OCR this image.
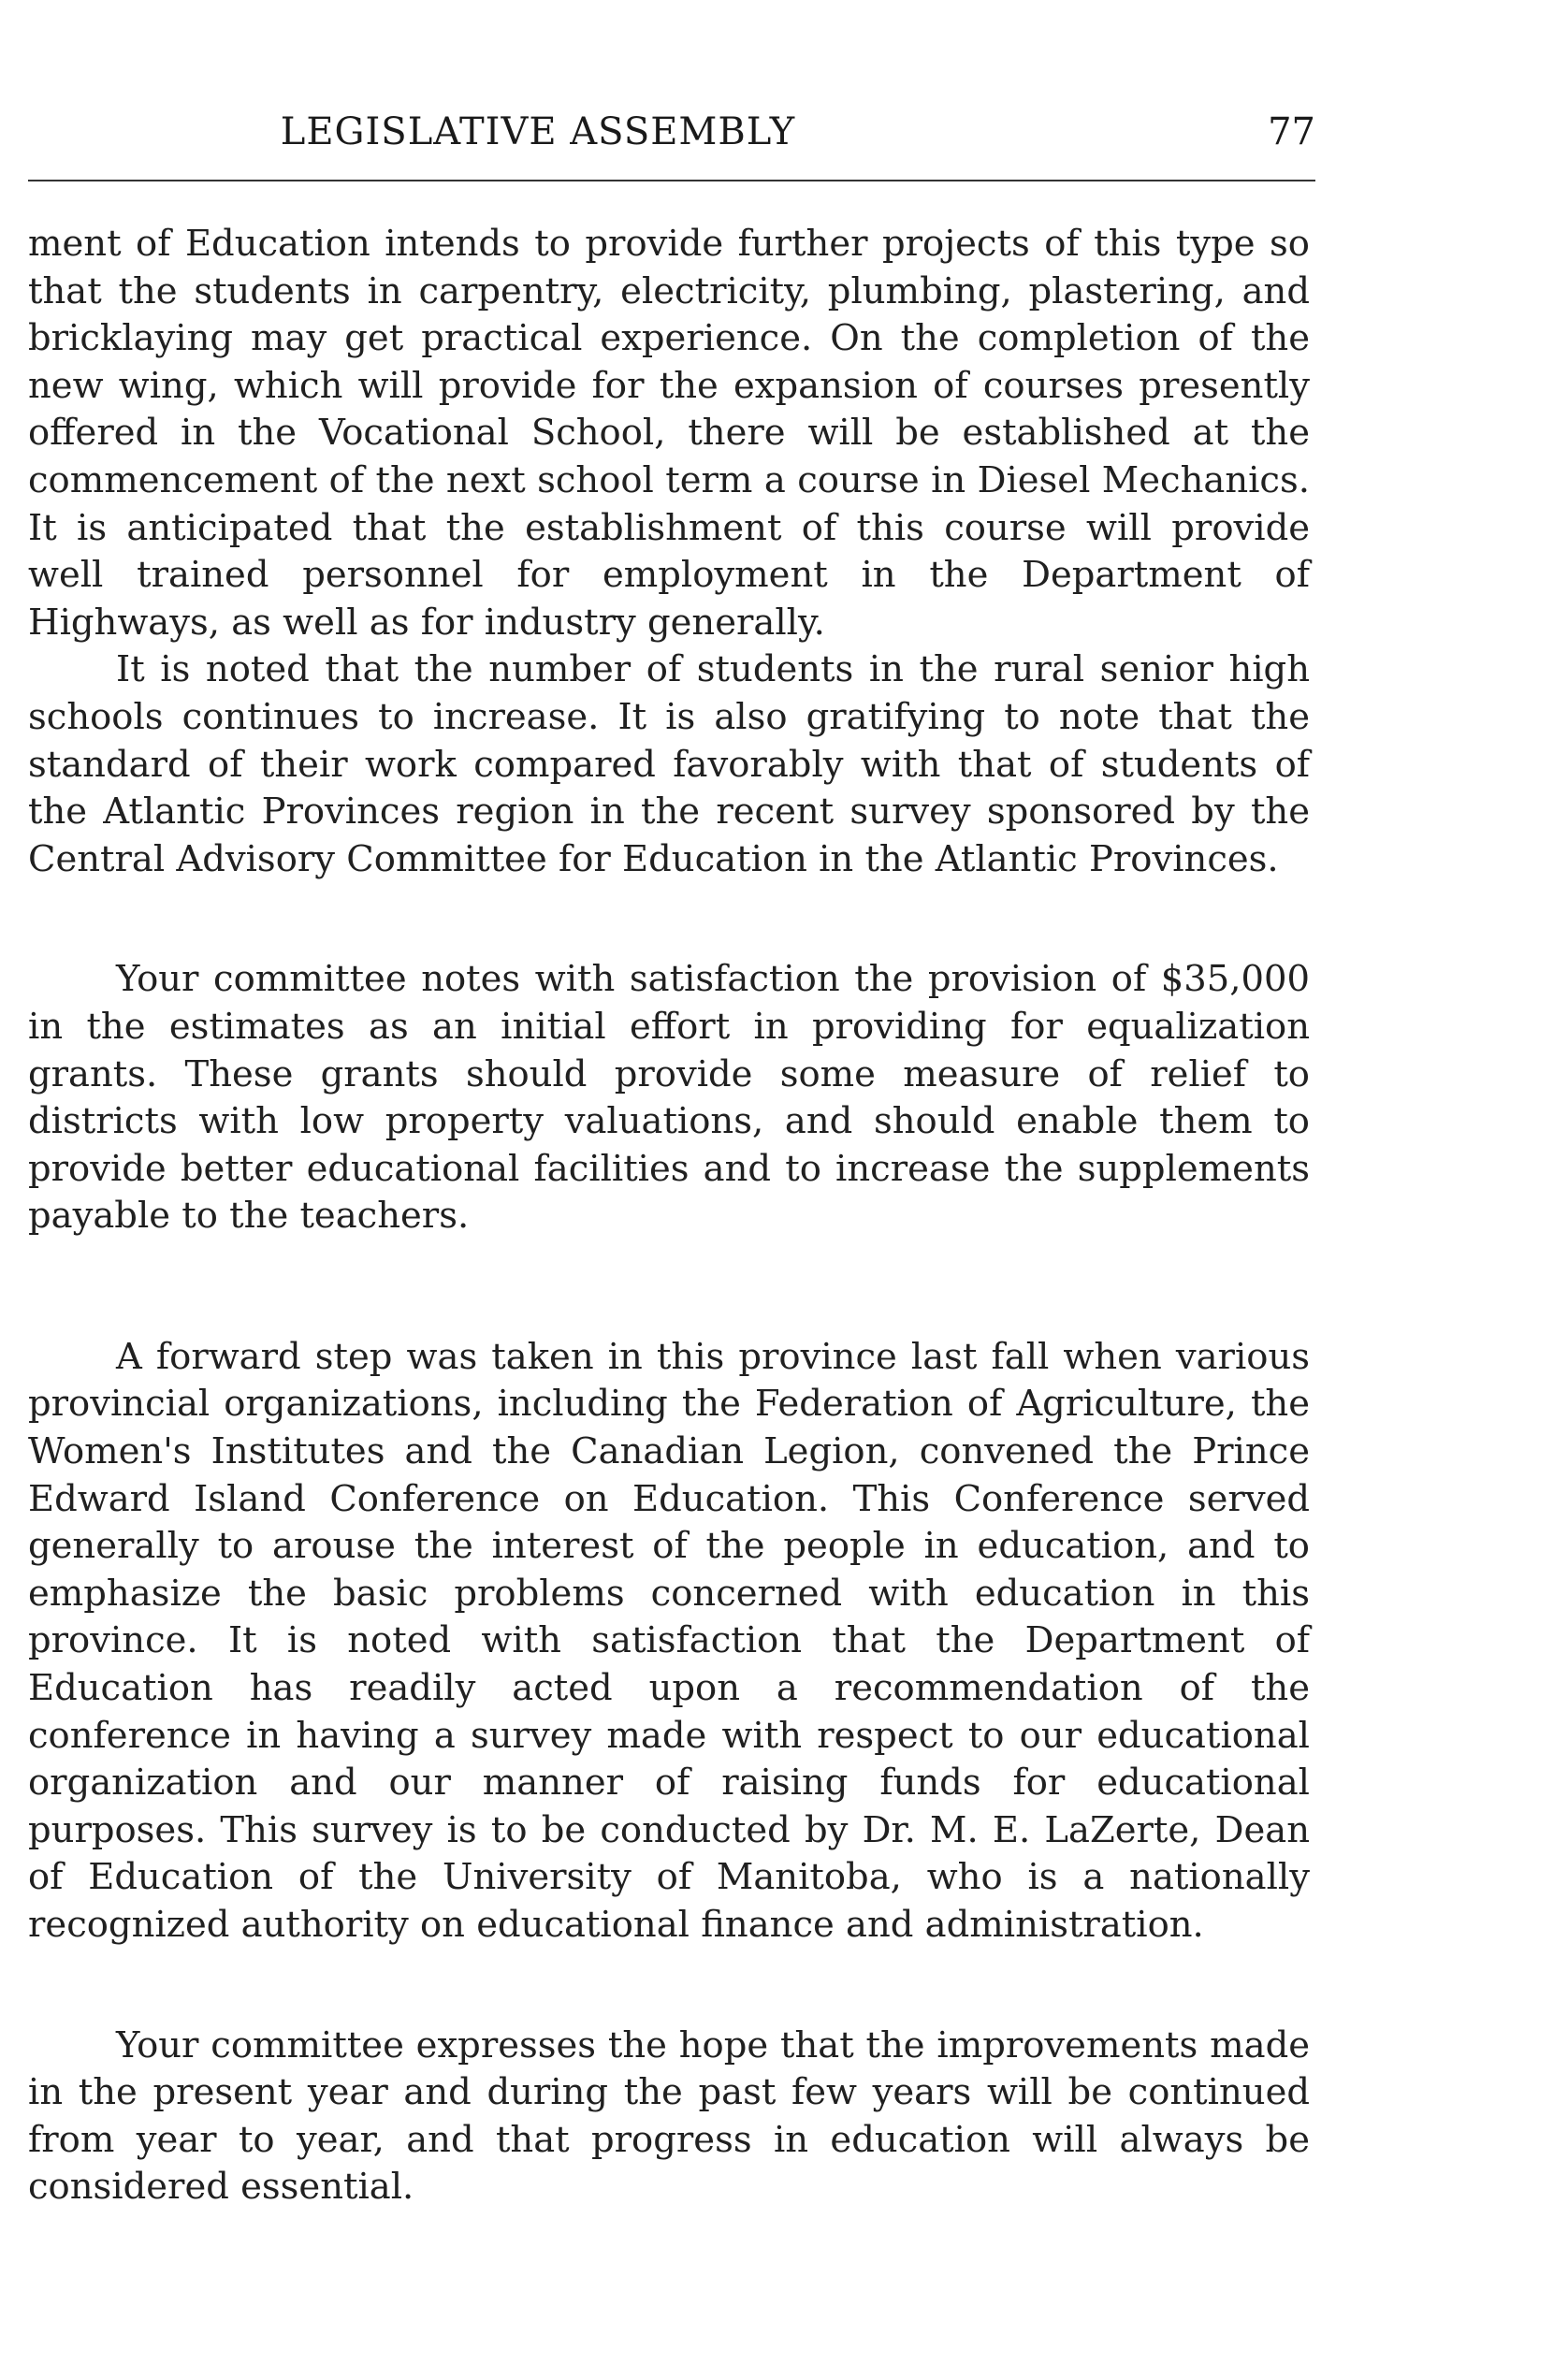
LEGISLATIVE ASSEMBLY	77

ment of Education intends to provide further projects of this type so that the students in carpentry, electricity, plumbing, plastering, and bricklaying may get practical experience. On the completion of the new wing, which will provide for the expansion of courses presently offered in the Vocational School, there will be established at the commencement of the next school term a course in Diesel Mechanics. It is anticipated that the establishment of this course will provide well trained personnel for employment in the Department of Highways, as well as for industry generally.

It is noted that the number of students in the rural senior high schools continues to increase. It is also gratifying to note that the standard of their work compared favorably with that of students of the Atlantic Provinces region in the recent survey sponsored by the Central Advisory Committee for Education in the Atlantic Provinces.

Your committee notes with satisfaction the provision of $35,000 in the estimates as an initial effort in providing for equalization grants. These grants should provide some measure of relief to districts with low property valuations, and should enable them to provide better educational facilities and to increase the supplements payable to the teachers.

A forward step was taken in this province last fall when various provincial organizations, including the Federation of Agriculture, the Women's Institutes and the Canadian Legion, convened the Prince Edward Island Conference on Education. This Conference served generally to arouse the interest of the people in education, and to emphasize the basic problems concerned with education in this province. It is noted with satisfaction that the Department of Education has readily acted upon a recommendation of the conference in having a survey made with respect to our educational organization and our manner of raising funds for educational purposes. This survey is to be conducted by Dr. M. E. LaZerte, Dean of Education of the University of Manitoba, who is a nationally recognized authority on educational finance and administration.

Your committee expresses the hope that the improvements made in the present year and during the past few years will be continued from year to year, and that progress in education will always be considered essential.
